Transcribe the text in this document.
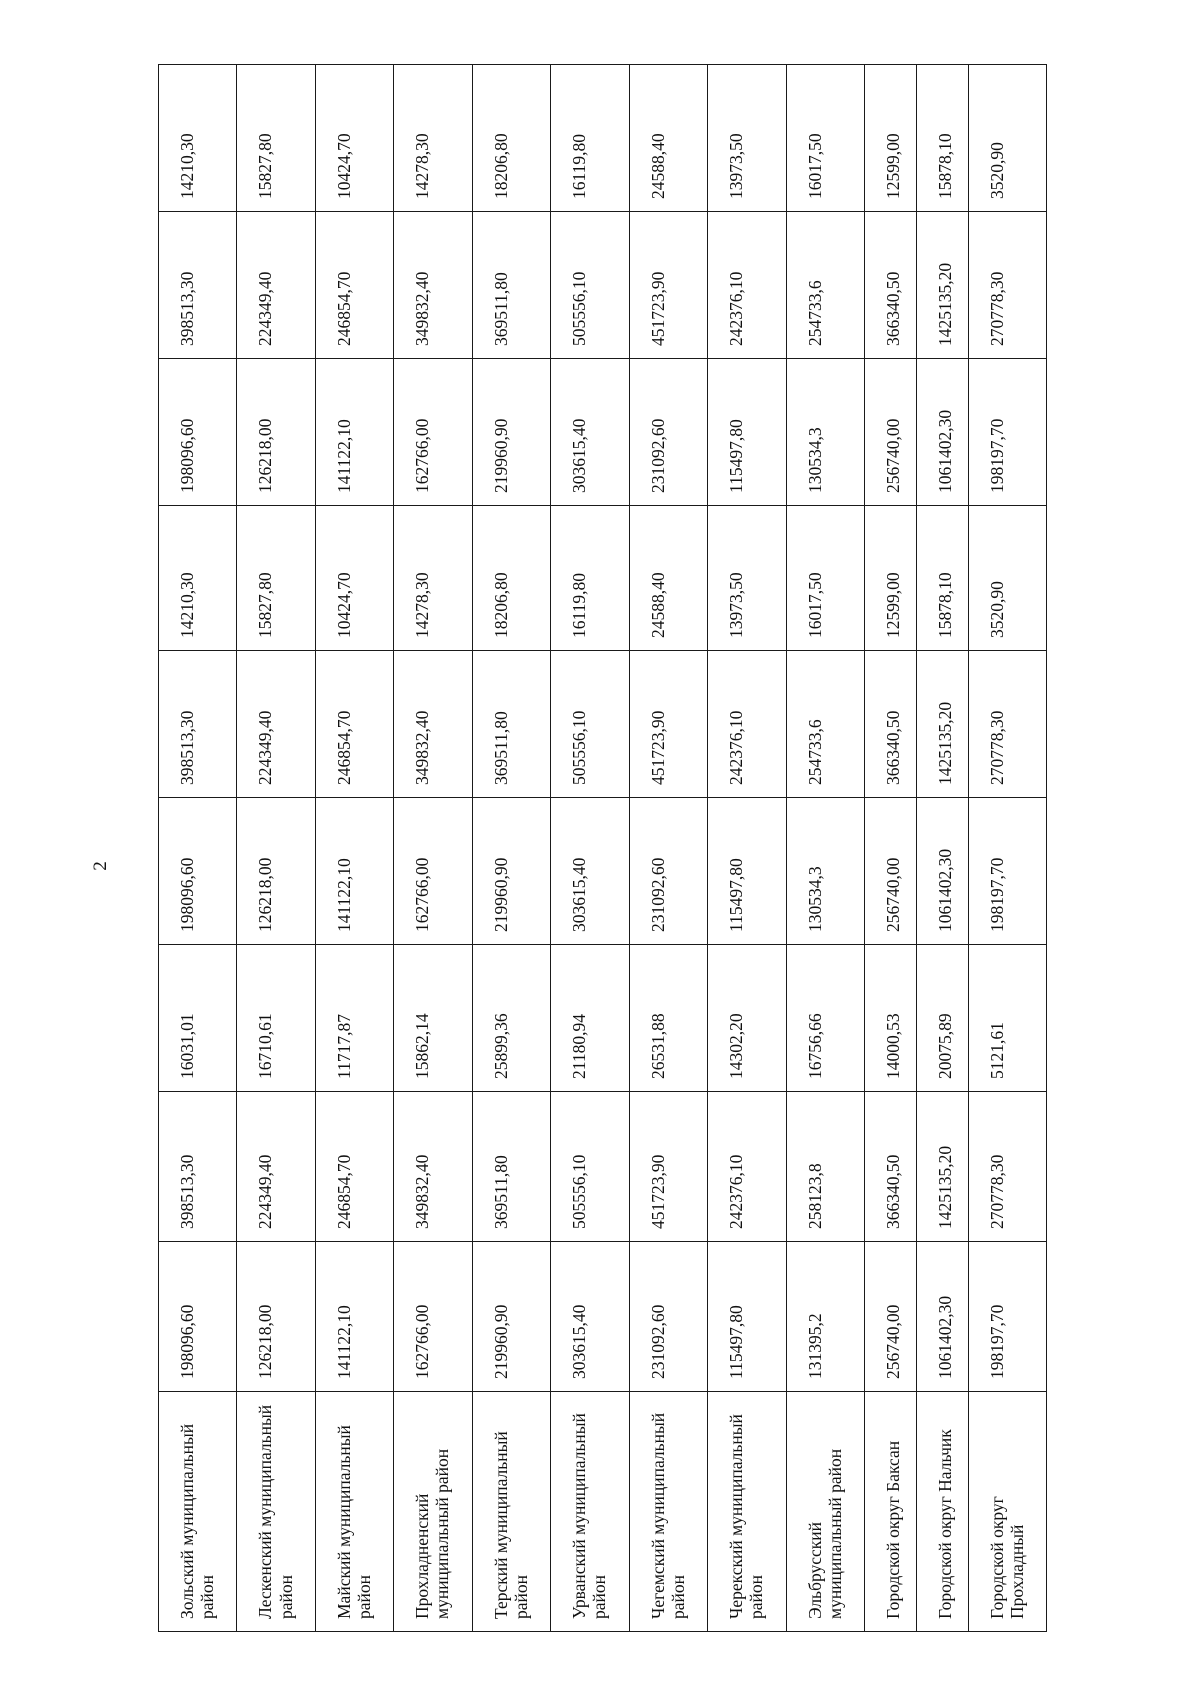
2
Зольский муниципальный район	198096,60	398513,30	16031,01	198096,60	398513,30	14210,30	198096,60	398513,30	14210,30
Лескенский муниципальный район	126218,00	224349,40	16710,61	126218,00	224349,40	15827,80	126218,00	224349,40	15827,80
Майский муниципальный район	141122,10	246854,70	11717,87	141122,10	246854,70	10424,70	141122,10	246854,70	10424,70
Прохладненский муниципальный район	162766,00	349832,40	15862,14	162766,00	349832,40	14278,30	162766,00	349832,40	14278,30
Терский муниципальный район	219960,90	369511,80	25899,36	219960,90	369511,80	18206,80	219960,90	369511,80	18206,80
Урванский муниципальный район	303615,40	505556,10	21180,94	303615,40	505556,10	16119,80	303615,40	505556,10	16119,80
Чегемский муниципальный район	231092,60	451723,90	26531,88	231092,60	451723,90	24588,40	231092,60	451723,90	24588,40
Черекский муниципальный район	115497,80	242376,10	14302,20	115497,80	242376,10	13973,50	115497,80	242376,10	13973,50
Эльбрусский муниципальный район	131395,2	258123,8	16756,66	130534,3	254733,6	16017,50	130534,3	254733,6	16017,50
Городской округ Баксан	256740,00	366340,50	14000,53	256740,00	366340,50	12599,00	256740,00	366340,50	12599,00
Городской округ Нальчик	1061402,30	1425135,20	20075,89	1061402,30	1425135,20	15878,10	1061402,30	1425135,20	15878,10
Городской округ Прохладный	198197,70	270778,30	5121,61	198197,70	270778,30	3520,90	198197,70	270778,30	3520,90
